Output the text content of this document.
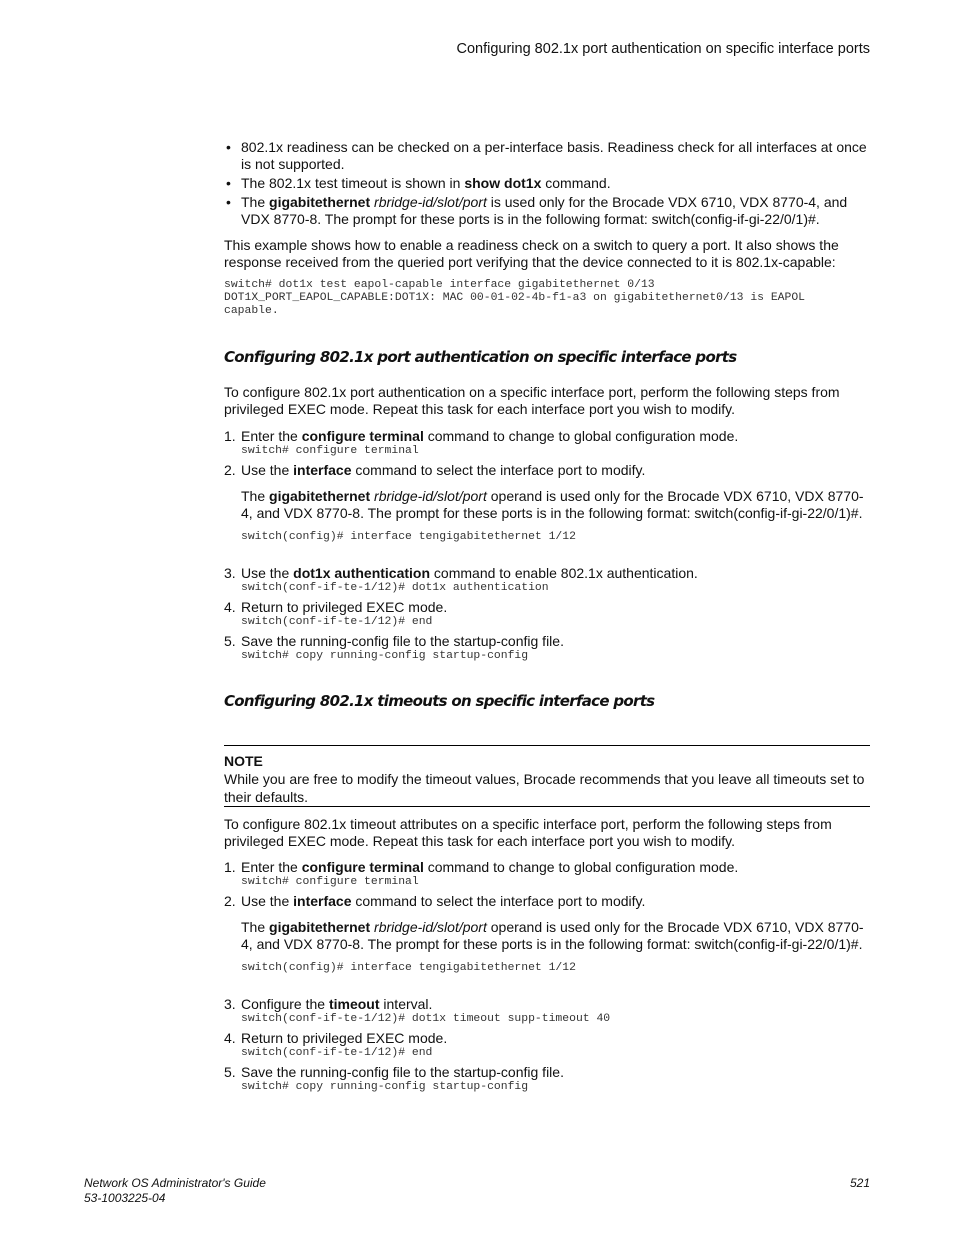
Configuring 802.1x port authentication on specific interface ports
• 802.1x readiness can be checked on a per-interface basis. Readiness check for all interfaces at once is not supported.
• The 802.1x test timeout is shown in show dot1x command.
• The gigabitethernet rbridge-id/slot/port is used only for the Brocade VDX 6710, VDX 8770-4, and VDX 8770-8. The prompt for these ports is in the following format: switch(config-if-gi-22/0/1)#.

This example shows how to enable a readiness check on a switch to query a port. It also shows the response received from the queried port verifying that the device connected to it is 802.1x-capable:

switch# dot1x test eapol-capable interface gigabitethernet 0/13
DOT1X_PORT_EAPOL_CAPABLE:DOT1X: MAC 00-01-02-4b-f1-a3 on gigabitethernet0/13 is EAPOL
capable.
Configuring 802.1x port authentication on specific interface ports

To configure 802.1x port authentication on a specific interface port, perform the following steps from privileged EXEC mode. Repeat this task for each interface port you wish to modify.

1. Enter the configure terminal command to change to global configuration mode.
switch# configure terminal
2. Use the interface command to select the interface port to modify.
The gigabitethernet rbridge-id/slot/port operand is used only for the Brocade VDX 6710, VDX 8770-4, and VDX 8770-8. The prompt for these ports is in the following format: switch(config-if-gi-22/0/1)#.
switch(config)# interface tengigabitethernet 1/12
3. Use the dot1x authentication command to enable 802.1x authentication.
switch(conf-if-te-1/12)# dot1x authentication
4. Return to privileged EXEC mode.
switch(conf-if-te-1/12)# end
5. Save the running-config file to the startup-config file.
switch# copy running-config startup-config
Configuring 802.1x timeouts on specific interface ports
NOTE

While you are free to modify the timeout values, Brocade recommends that you leave all timeouts set to their defaults.

To configure 802.1x timeout attributes on a specific interface port, perform the following steps from privileged EXEC mode. Repeat this task for each interface port you wish to modify.

1. Enter the configure terminal command to change to global configuration mode.
switch# configure terminal
2. Use the interface command to select the interface port to modify.
The gigabitethernet rbridge-id/slot/port operand is used only for the Brocade VDX 6710, VDX 8770-4, and VDX 8770-8. The prompt for these ports is in the following format: switch(config-if-gi-22/0/1)#.
switch(config)# interface tengigabitethernet 1/12
3. Configure the timeout interval.
switch(conf-if-te-1/12)# dot1x timeout supp-timeout 40
4. Return to privileged EXEC mode.
switch(conf-if-te-1/12)# end
5. Save the running-config file to the startup-config file.
switch# copy running-config startup-config
Network OS Administrator's Guide
53-1003225-04
521
